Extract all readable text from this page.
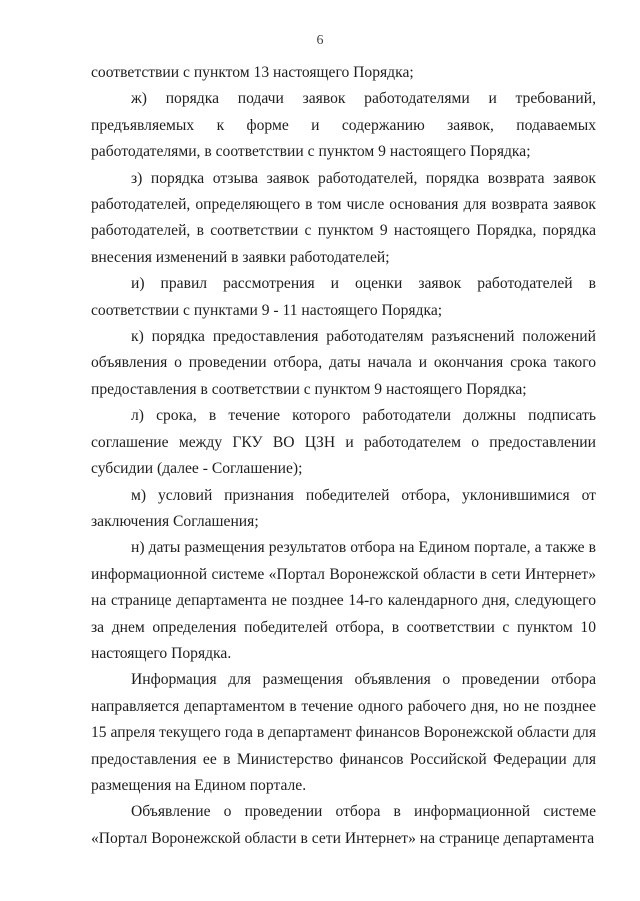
6

соответствии с пунктом 13 настоящего Порядка;

ж) порядка подачи заявок работодателями и требований, предъявляемых к форме и содержанию заявок, подаваемых работодателями, в соответствии с пунктом 9 настоящего Порядка;

з) порядка отзыва заявок работодателей, порядка возврата заявок работодателей, определяющего в том числе основания для возврата заявок работодателей, в соответствии с пунктом 9 настоящего Порядка, порядка внесения изменений в заявки работодателей;

и) правил рассмотрения и оценки заявок работодателей в соответствии с пунктами 9 - 11 настоящего Порядка;

к) порядка предоставления работодателям разъяснений положений объявления о проведении отбора, даты начала и окончания срока такого предоставления в соответствии с пунктом 9 настоящего Порядка;

л) срока, в течение которого работодатели должны подписать соглашение между ГКУ ВО ЦЗН и работодателем о предоставлении субсидии (далее - Соглашение);

м) условий признания победителей отбора, уклонившимися от заключения Соглашения;

н) даты размещения результатов отбора на Едином портале, а также в информационной системе «Портал Воронежской области в сети Интернет» на странице департамента не позднее 14-го календарного дня, следующего за днем определения победителей отбора, в соответствии с пунктом 10 настоящего Порядка.

Информация для размещения объявления о проведении отбора направляется департаментом в течение одного рабочего дня, но не позднее 15 апреля текущего года в департамент финансов Воронежской области для предоставления ее в Министерство финансов Российской Федерации для размещения на Едином портале.

Объявление о проведении отбора в информационной системе «Портал Воронежской области в сети Интернет» на странице департамента
